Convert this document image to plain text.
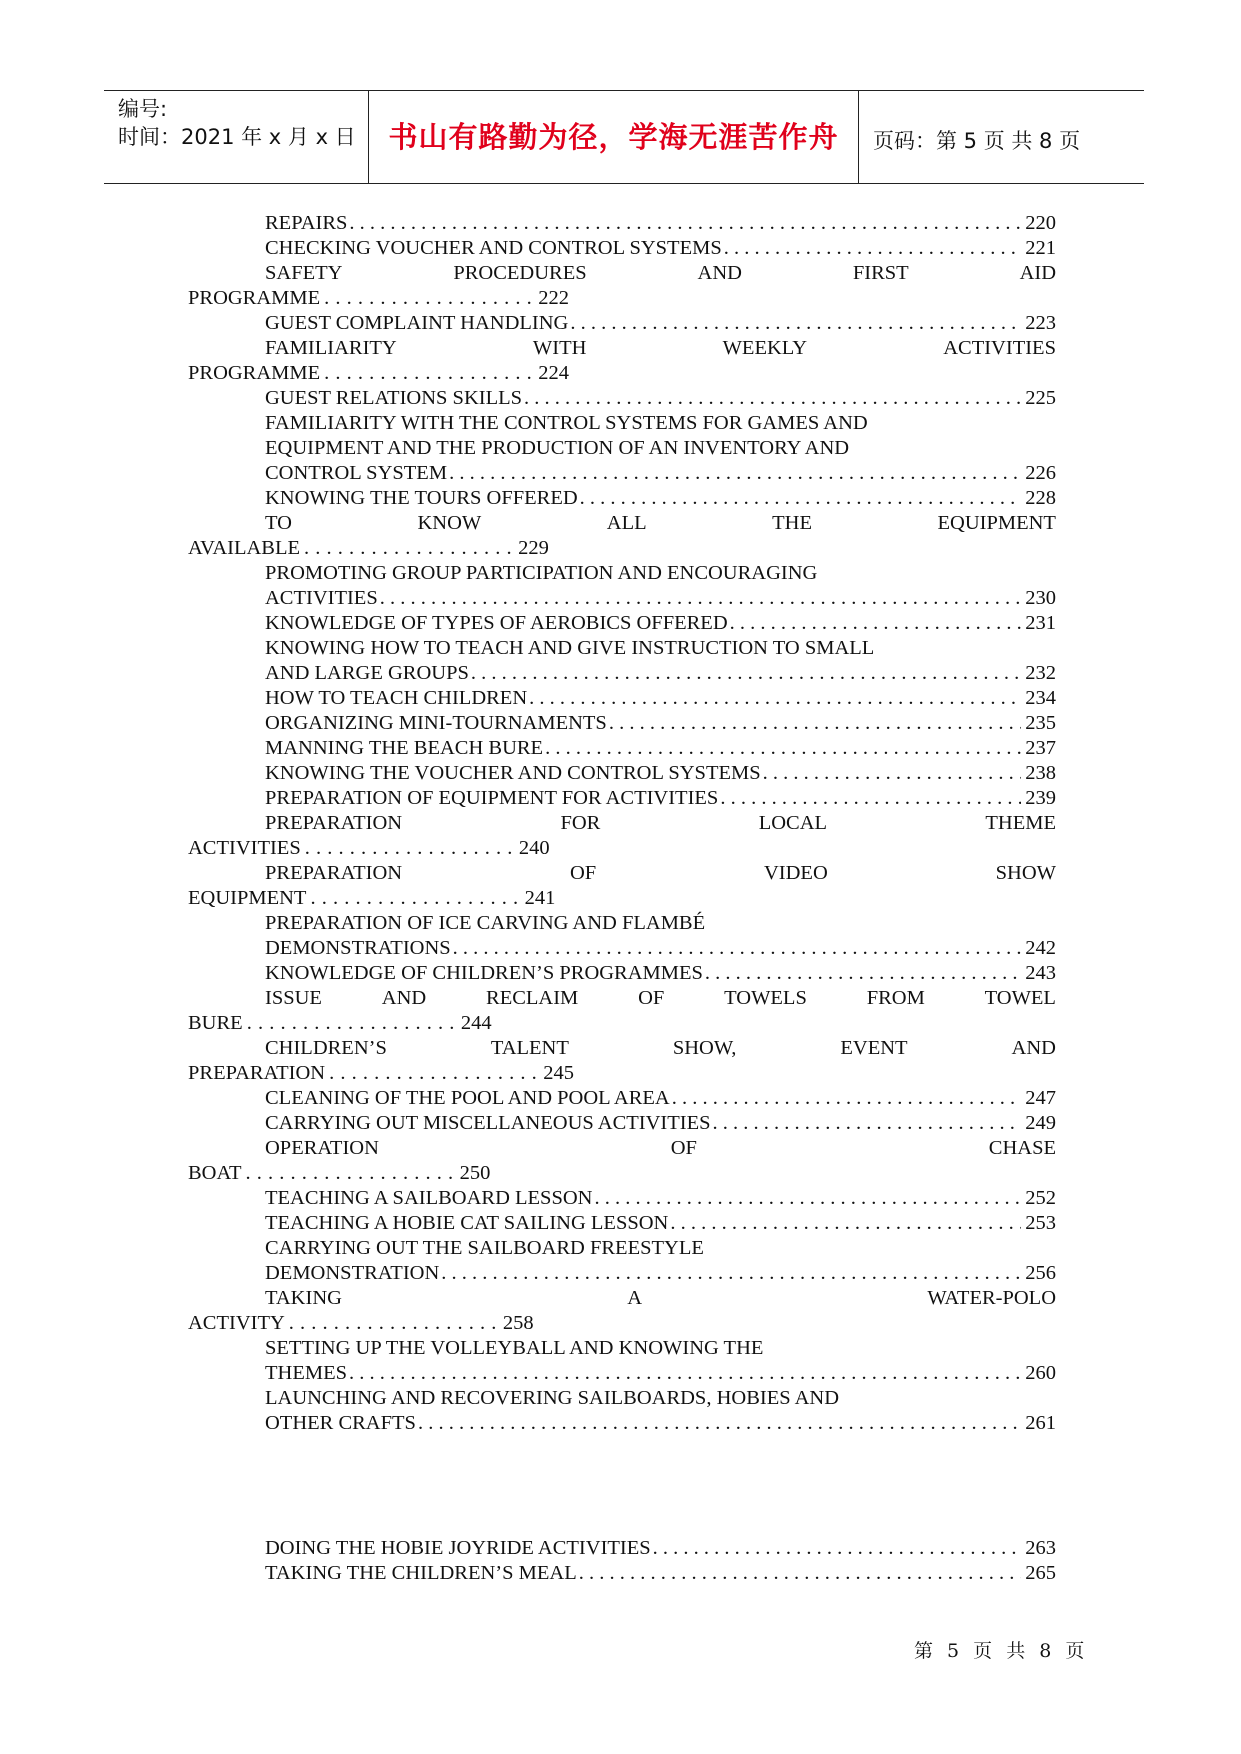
编号:
时间：2021 年 x 月 x 日	书山有路勤为径，学海无涯苦作舟	页码：第 5 页 共 8 页
REPAIRS . . .	220
CHECKING VOUCHER AND CONTROL SYSTEMS . . .	221
SAFETY	PROCEDURES	AND	FIRST	AID
PROGRAMME . . . . . . . . . . . . . . . . . . . 222
GUEST COMPLAINT HANDLING . . .	223
FAMILIARITY	WITH	WEEKLY	ACTIVITIES
PROGRAMME . . . . . . . . . . . . . . . . . . . 224
GUEST RELATIONS SKILLS . . .	225
FAMILIARITY WITH THE CONTROL SYSTEMS FOR GAMES AND
EQUIPMENT AND THE PRODUCTION OF AN INVENTORY AND
CONTROL SYSTEM . . .	226
KNOWING THE TOURS OFFERED . . .	228
TO	KNOW	ALL	THE	EQUIPMENT
AVAILABLE . . . . . . . . . . . . . . . . . . . 229
PROMOTING GROUP PARTICIPATION AND ENCOURAGING
ACTIVITIES . . .	230
KNOWLEDGE OF TYPES OF AEROBICS OFFERED . . .	231
KNOWING HOW TO TEACH AND GIVE INSTRUCTION TO SMALL
AND LARGE GROUPS . . .	232
HOW TO TEACH CHILDREN . . .	234
ORGANIZING MINI-TOURNAMENTS . . .	235
MANNING THE BEACH BURE . . .	237
KNOWING THE VOUCHER AND CONTROL SYSTEMS . . .	238
PREPARATION OF EQUIPMENT FOR ACTIVITIES . . .	239
PREPARATION	FOR	LOCAL	THEME
ACTIVITIES . . . . . . . . . . . . . . . . . . . 240
PREPARATION	OF	VIDEO	SHOW
EQUIPMENT . . . . . . . . . . . . . . . . . . . 241
PREPARATION OF ICE CARVING AND FLAMBÉ
DEMONSTRATIONS . . .	242
KNOWLEDGE OF CHILDREN’S PROGRAMMES . . .	243
ISSUE	AND	RECLAIM	OF	TOWELS	FROM	TOWEL
BURE . . . . . . . . . . . . . . . . . . . 244
CHILDREN’S	TALENT	SHOW,	EVENT	AND
PREPARATION . . . . . . . . . . . . . . . . . . . 245
CLEANING OF THE POOL AND POOL AREA . . .	247
CARRYING OUT MISCELLANEOUS ACTIVITIES . . .	249
OPERATION	OF	CHASE
BOAT . . . . . . . . . . . . . . . . . . . 250
TEACHING A SAILBOARD LESSON . . .	252
TEACHING A HOBIE CAT SAILING LESSON . . .	253
CARRYING OUT THE SAILBOARD FREESTYLE
DEMONSTRATION . . .	256
TAKING	A	WATER-POLO
ACTIVITY . . . . . . . . . . . . . . . . . . . 258
SETTING UP THE VOLLEYBALL AND KNOWING THE
THEMES . . .	260
LAUNCHING AND RECOVERING SAILBOARDS, HOBIES AND
OTHER CRAFTS . . .	261
DOING THE HOBIE JOYRIDE ACTIVITIES . . .	263
TAKING THE CHILDREN’S MEAL . . .	265
第 5 页 共 8 页
